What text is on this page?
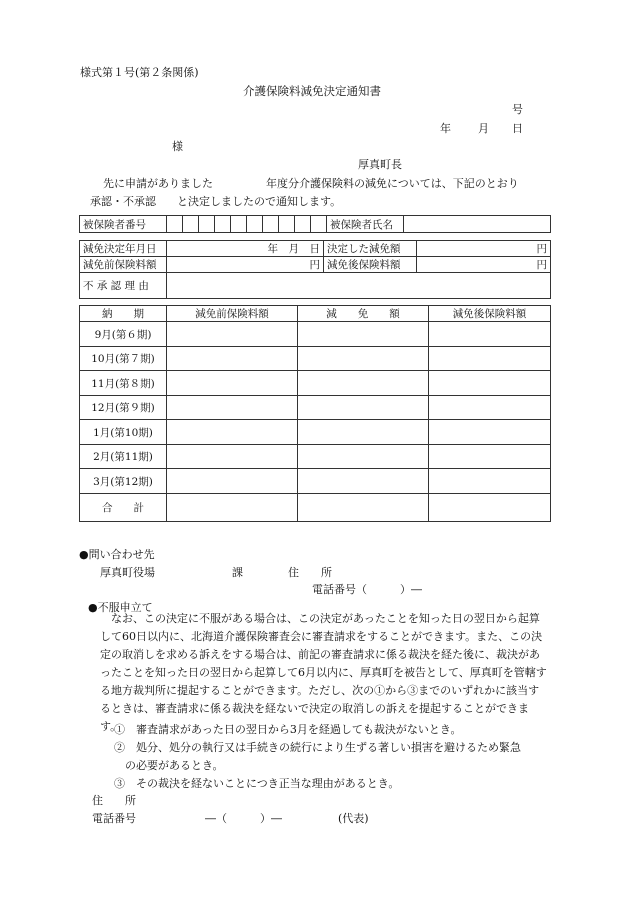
様式第１号(第２条関係)
介護保険料減免決定通知書
号
年 月 日
様
厚真町長
先に申請がありました	年度分介護保険料の減免については、下記のとおり
承認・不承認 と決定しましたので通知します。
被保険者番号											被保険者氏名	
減免決定年月日	年　月　日	決定した減免額	円
減免前保険料額	円	減免後保険料額	円
不 承 認 理 由			
納　　期	減免前保険料額	減　　免　　額	減免後保険料額
9月(第６期)			
10月(第７期)			
11月(第８期)			
12月(第９期)			
1月(第10期)			
2月(第11期)			
3月(第12期)			
合　　計			
●問い合わせ先
厚真町役場	課	住　　所
電話番号（　　　）―
●不服申立て
なお、この決定に不服がある場合は、この決定があったことを知った日の翌日から起算して60日以内に、北海道介護保険審査会に審査請求をすることができます。また、この決定の取消しを求める訴えをする場合は、前記の審査請求に係る裁決を経た後に、裁決があったことを知った日の翌日から起算して6月以内に、厚真町を被告として、厚真町を管轄する地方裁判所に提起することができます。ただし、次の①から③までのいずれかに該当するときは、審査請求に係る裁決を経ないで決定の取消しの訴えを提起することができます。
①　審査請求があった日の翌日から3月を経過しても裁決がないとき。
②　処分、処分の執行又は手続きの続行により生ずる著しい損害を避けるため緊急
の必要があるとき。
③　その裁決を経ないことにつき正当な理由があるとき。
住　　所
電話番号	―（　　　）―	(代表)
